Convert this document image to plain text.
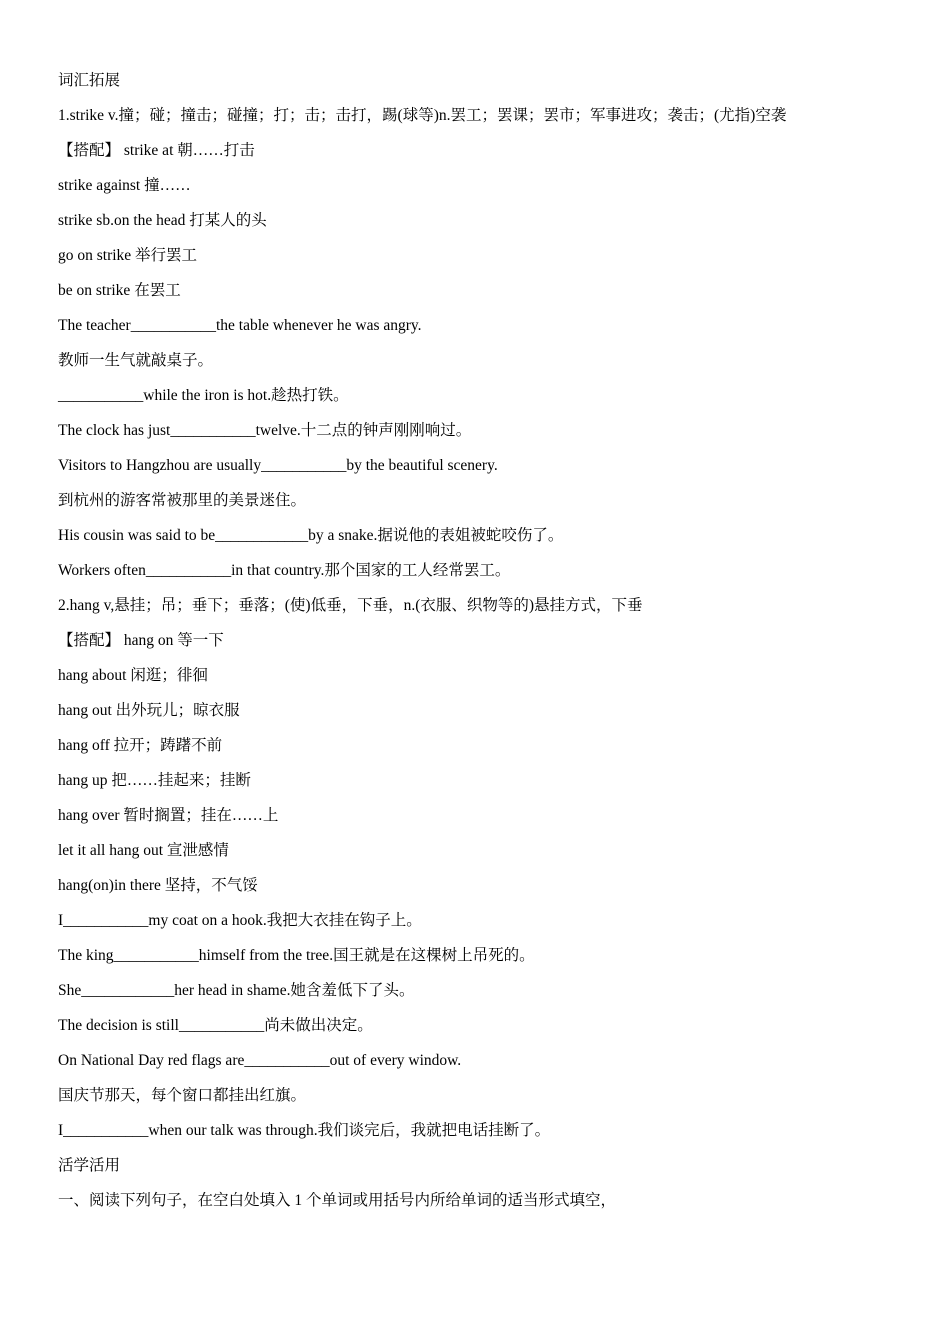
词汇拓展
1.strike v.撞；碰；撞击；碰撞；打；击；击打，踢(球等)n.罢工；罢课；罢市；军事进攻；袭击；(尤指)空袭
【搭配】 strike at 朝……打击
strike against 撞……
strike sb.on the head 打某人的头
go on strike 举行罢工
be on strike 在罢工
The teacher___________the table whenever he was angry.
教师一生气就敲桌子。
___________while the iron is hot.趁热打铁。
The clock has just___________twelve.十二点的钟声刚刚响过。
Visitors to Hangzhou are usually___________by the beautiful scenery.
到杭州的游客常被那里的美景迷住。
His cousin was said to be____________by a snake.据说他的表姐被蛇咬伤了。
Workers often___________in that country.那个国家的工人经常罢工。
2.hang v,悬挂；吊；垂下；垂落；(使)低垂，下垂，n.(衣服、织物等的)悬挂方式，下垂
【搭配】 hang on 等一下
hang about 闲逛；徘徊
hang out 出外玩儿；晾衣服
hang off 拉开；踌躇不前
hang up 把……挂起来；挂断
hang over 暂时搁置；挂在……上
let it all hang out 宣泄感情
hang(on)in there 坚持，不气馁
I___________my coat on a hook.我把大衣挂在钩子上。
The king___________himself from the tree.国王就是在这棵树上吊死的。
She____________her head in shame.她含羞低下了头。
The decision is still___________尚未做出决定。
On National Day red flags are___________out of every window.
国庆节那天，每个窗口都挂出红旗。
I___________when our talk was through.我们谈完后，我就把电话挂断了。
活学活用
一、阅读下列句子，在空白处填入 1 个单词或用括号内所给单词的适当形式填空，
